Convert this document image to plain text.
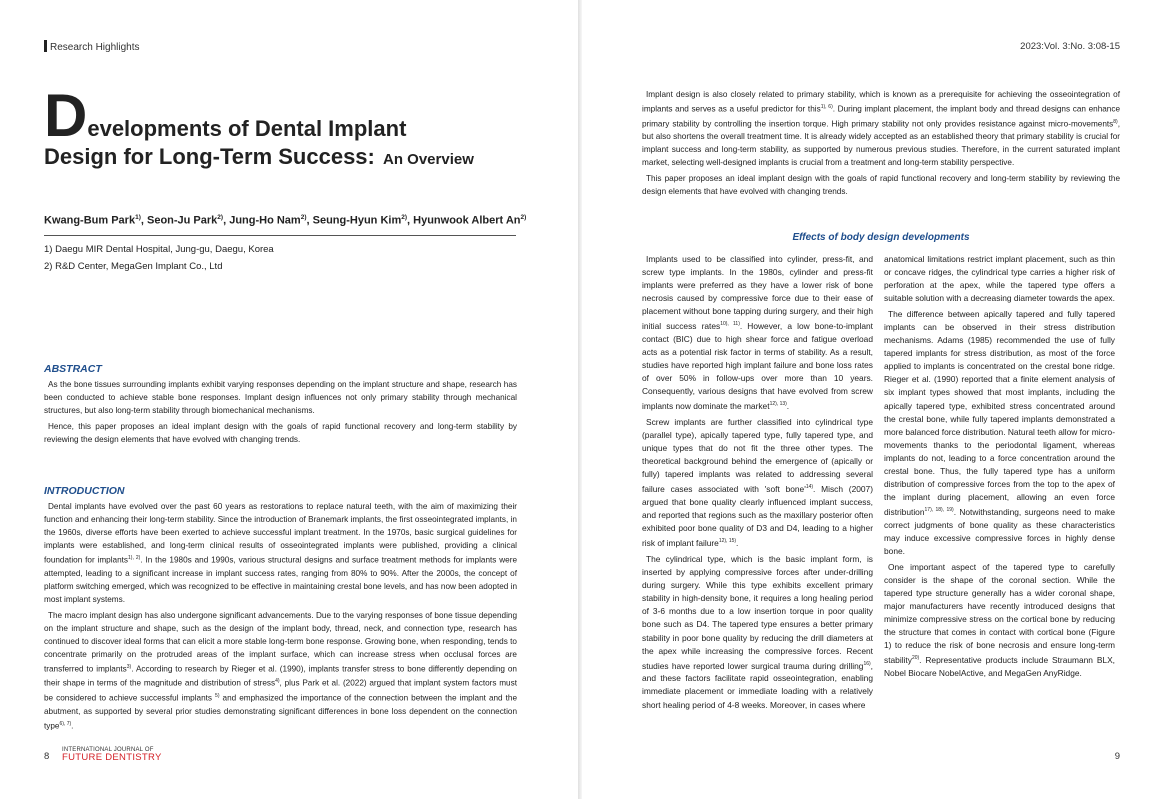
Research Highlights
Developments of Dental Implant
Design for Long-Term Success: An Overview
Kwang-Bum Park$^{1)}$, Seon-Ju Park$^{2)}$, Jung-Ho Nam$^{2)}$, Seung-Hyun Kim$^{2)}$, Hyunwook Albert An$^{2)}$
1) Daegu MIR Dental Hospital, Jung-gu, Daegu, Korea
2) R&D Center, MegaGen Implant Co., Ltd
ABSTRACT

As the bone tissues surrounding implants exhibit varying responses depending on the implant structure and shape, research has been conducted to achieve stable bone responses. Implant design influences not only primary stability through mechanical structures, but also long-term stability through biomechanical mechanisms.

Hence, this paper proposes an ideal implant design with the goals of rapid functional recovery and long-term stability by reviewing the design elements that have evolved with changing trends.

INTRODUCTION

Dental implants have evolved over the past 60 years as restorations to replace natural teeth, with the aim of maximizing their function and enhancing their long-term stability. Since the introduction of Branemark implants, the first osseointegrated implants, in the 1960s, diverse efforts have been exerted to achieve successful implant treatment. In the 1970s, basic surgical guidelines for implants were established, and long-term clinical results of osseointegrated implants were published, providing a clinical foundation for implants$^{1), 2)}$. In the 1980s and 1990s, various structural designs and surface treatment methods for implants were attempted, leading to a significant increase in implant success rates, ranging from 80% to 90%. After the 2000s, the concept of platform switching emerged, which was recognized to be effective in maintaining crestal bone levels, and has now been adopted in most implant systems.

The macro implant design has also undergone significant advancements. Due to the varying responses of bone tissue depending on the implant structure and shape, such as the design of the implant body, thread, neck, and connection type, research has continued to discover ideal forms that can elicit a more stable long-term bone response. Growing bone, when responding, tends to concentrate primarily on the protruded areas of the implant surface, which can increase stress when occlusal forces are transferred to implants$^{3)}$. According to research by Rieger et al. (1990), implants transfer stress to bone differently depending on their shape in terms of the magnitude and distribution of stress$^{4)}$, plus Park et al. (2022) argued that implant system factors must be considered to achieve successful implants $^{5)}$ and emphasized the importance of the connection between the implant and the abutment, as supported by several prior studies demonstrating significant differences in bone loss dependent on the connection type$^{6), 7)}$.

8
INTERNATIONAL JOURNAL OF
FUTURE DENTISTRY
2023:Vol. 3:No. 3:08-15

Implant design is also closely related to primary stability, which is known as a prerequisite for achieving the osseointegration of implants and serves as a useful predictor for this$^{1), 6)}$. During implant placement, the implant body and thread designs can enhance primary stability by controlling the insertion torque. High primary stability not only provides resistance against micro-movements$^{8)}$, but also shortens the overall treatment time. It is already widely accepted as an established theory that primary stability is crucial for implant success and long-term stability, as supported by numerous previous studies. Therefore, in the current saturated implant market, selecting well-designed implants is crucial from a treatment and long-term stability perspective.

This paper proposes an ideal implant design with the goals of rapid functional recovery and long-term stability by reviewing the design elements that have evolved with changing trends.

Effects of body design developments

Implants used to be classified into cylinder, press-fit, and screw type implants. In the 1980s, cylinder and press-fit implants were preferred as they have a lower risk of bone necrosis caused by compressive force due to their ease of placement without bone tapping during surgery, and their high initial success rates$^{10), 11)}$. However, a low bone-to-implant contact (BIC) due to high shear force and fatigue overload acts as a potential risk factor in terms of stability. As a result, studies have reported high implant failure and bone loss rates of over 50% in follow-ups over more than 10 years. Consequently, various designs that have evolved from screw implants now dominate the market$^{12), 13)}$.

Screw implants are further classified into cylindrical type (parallel type), apically tapered type, fully tapered type, and unique types that do not fit the three other types. The theoretical background behind the emergence of (apically or fully) tapered implants was related to addressing several failure cases associated with 'soft $bone'^{14)}$. Misch (2007) argued that bone quality clearly influenced implant success, and reported that regions such as the maxillary posterior often exhibited poor bone quality of D3 and D4, leading to a higher risk of implant failure$^{12), 15)}$.

The cylindrical type, which is the basic implant form, is inserted by applying compressive forces after under-drilling during surgery. While this type exhibits excellent primary stability in high-density bone, it requires a long healing period of 3-6 months due to a low insertion torque in poor quality bone such as D4. The tapered type ensures a better primary stability in poor bone quality by reducing the drill diameters at the apex while increasing the compressive forces. Recent studies have reported lower surgical trauma during drilling$^{16)}$, and these factors facilitate rapid osseointegration, enabling immediate placement or immediate loading with a relatively short healing period of 4-8 weeks. Moreover, in cases where

anatomical limitations restrict implant placement, such as thin or concave ridges, the cylindrical type carries a higher risk of perforation at the apex, while the tapered type offers a suitable solution with a decreasing diameter towards the apex.

The difference between apically tapered and fully tapered implants can be observed in their stress distribution mechanisms. Adams (1985) recommended the use of fully tapered implants for stress distribution, as most of the force applied to implants is concentrated on the crestal bone ridge. Rieger et al. (1990) reported that a finite element analysis of six implant types showed that most implants, including the apically tapered type, exhibited stress concentrated around the crestal bone, while fully tapered implants demonstrated a more balanced force distribution. Natural teeth allow for micro-movements thanks to the periodontal ligament, whereas implants do not, leading to a force concentration around the crestal bone. Thus, the fully tapered type has a uniform distribution of compressive forces from the top to the apex of the implant during placement, allowing an even force distribution$^{17), 18), 19)}$. Notwithstanding, surgeons need to make correct judgments of bone quality as these characteristics may induce excessive compressive forces in highly dense bone.

One important aspect of the tapered type to carefully consider is the shape of the coronal section. While the tapered type structure generally has a wider coronal shape, major manufacturers have recently introduced designs that minimize compressive stress on the cortical bone by reducing the structure that comes in contact with cortical bone (Figure 1) to reduce the risk of bone necrosis and ensure long-term stability$^{20)}$. Representative products include Straumann BLX, Nobel Biocare NobelActive, and MegaGen AnyRidge.

9
